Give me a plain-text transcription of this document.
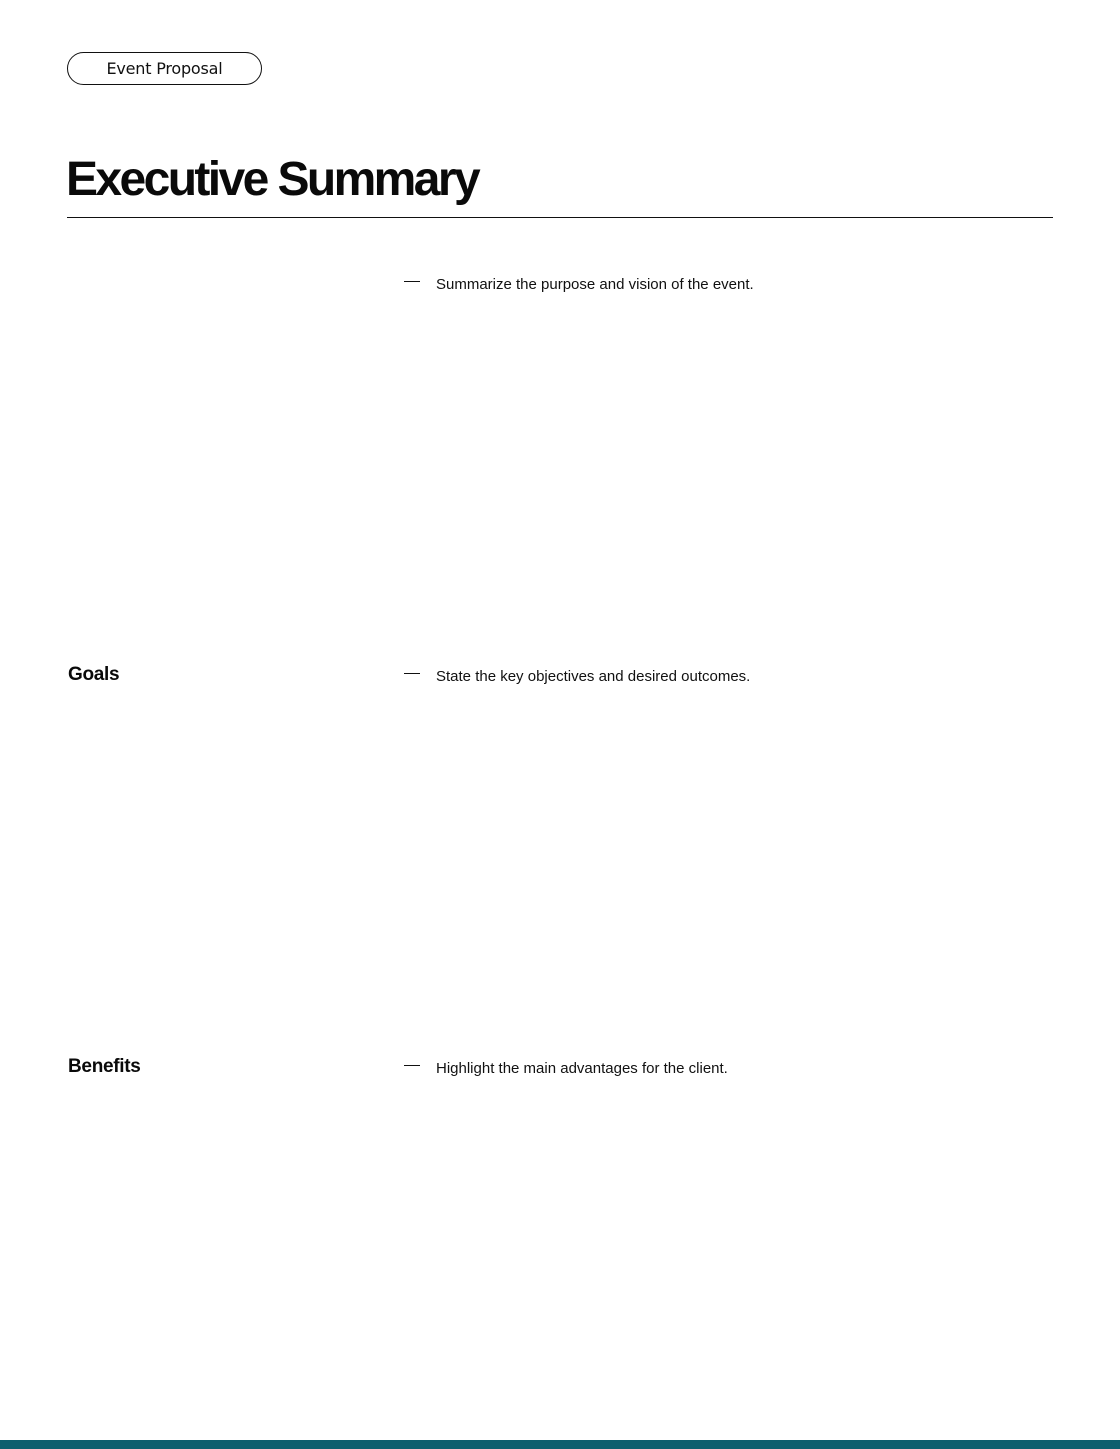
Event Proposal
Executive Summary

Summarize the purpose and vision of the event.

Goals	State the key objectives and desired outcomes.

Benefits	Highlight the main advantages for the client.
